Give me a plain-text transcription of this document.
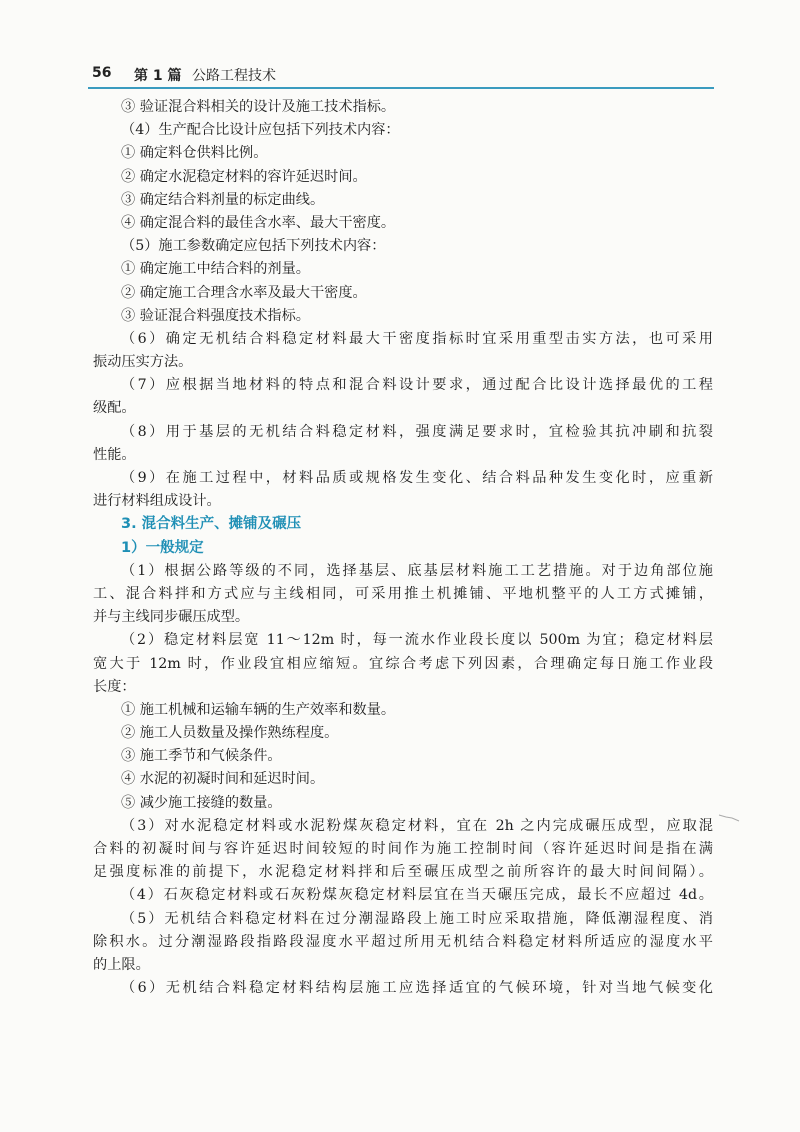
56 第 1 篇 公路工程技术
③ 验证混合料相关的设计及施工技术指标。
（4）生产配合比设计应包括下列技术内容：
① 确定料仓供料比例。
② 确定水泥稳定材料的容许延迟时间。
③ 确定结合料剂量的标定曲线。
④ 确定混合料的最佳含水率、最大干密度。
（5）施工参数确定应包括下列技术内容：
① 确定施工中结合料的剂量。
② 确定施工合理含水率及最大干密度。
③ 验证混合料强度技术指标。
（6）确定无机结合料稳定材料最大干密度指标时宜采用重型击实方法，也可采用
振动压实方法。
（7）应根据当地材料的特点和混合料设计要求，通过配合比设计选择最优的工程
级配。
（8）用于基层的无机结合料稳定材料，强度满足要求时，宜检验其抗冲刷和抗裂
性能。
（9）在施工过程中，材料品质或规格发生变化、结合料品种发生变化时，应重新
进行材料组成设计。
3. 混合料生产、摊铺及碾压
1）一般规定
（1）根据公路等级的不同，选择基层、底基层材料施工工艺措施。对于边角部位施
工、混合料拌和方式应与主线相同，可采用推土机摊铺、平地机整平的人工方式摊铺，
并与主线同步碾压成型。
（2）稳定材料层宽 11～12m 时，每一流水作业段长度以 500m 为宜；稳定材料层
宽大于 12m 时，作业段宜相应缩短。宜综合考虑下列因素，合理确定每日施工作业段
长度：
① 施工机械和运输车辆的生产效率和数量。
② 施工人员数量及操作熟练程度。
③ 施工季节和气候条件。
④ 水泥的初凝时间和延迟时间。
⑤ 减少施工接缝的数量。
（3）对水泥稳定材料或水泥粉煤灰稳定材料，宜在 2h 之内完成碾压成型，应取混
合料的初凝时间与容许延迟时间较短的时间作为施工控制时间（容许延迟时间是指在满
足强度标准的前提下，水泥稳定材料拌和后至碾压成型之前所容许的最大时间间隔）。
（4）石灰稳定材料或石灰粉煤灰稳定材料层宜在当天碾压完成，最长不应超过 4d。
（5）无机结合料稳定材料在过分潮湿路段上施工时应采取措施，降低潮湿程度、消
除积水。过分潮湿路段指路段湿度水平超过所用无机结合料稳定材料所适应的湿度水平
的上限。
（6）无机结合料稳定材料结构层施工应选择适宜的气候环境，针对当地气候变化
